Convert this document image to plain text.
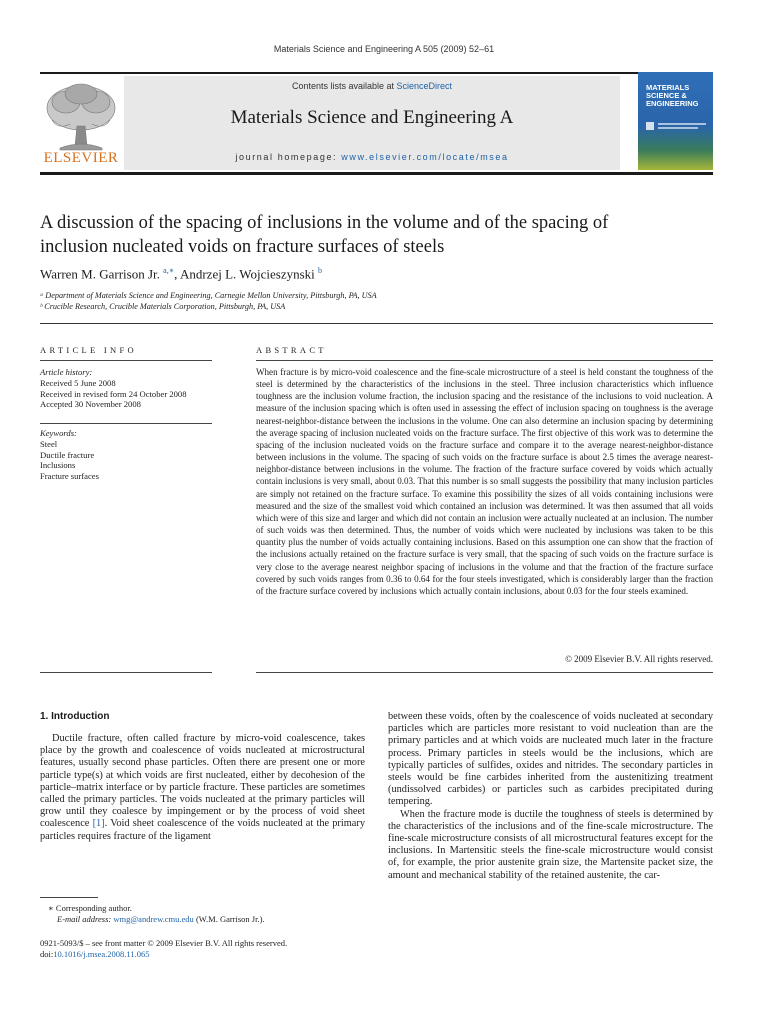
Materials Science and Engineering A 505 (2009) 52–61
ELSEVIER
Contents lists available at ScienceDirect
Materials Science and Engineering A
journal homepage: www.elsevier.com/locate/msea
MATERIALS SCIENCE & ENGINEERING
A discussion of the spacing of inclusions in the volume and of the spacing of
inclusion nucleated voids on fracture surfaces of steels
Warren M. Garrison Jr. $^{a,∗}$, Andrzej L. Wojcieszynski $^b$
ᵃ Department of Materials Science and Engineering, Carnegie Mellon University, Pittsburgh, PA, USA
ᵇ Crucible Research, Crucible Materials Corporation, Pittsburgh, PA, USA
ARTICLE INFO
Article history:
Received 5 June 2008
Received in revised form 24 October 2008
Accepted 30 November 2008
Keywords:
Steel
Ductile fracture
Inclusions
Fracture surfaces
ABSTRACT
When fracture is by micro-void coalescence and the fine-scale microstructure of a steel is held constant the toughness of the steel is determined by the characteristics of the inclusions in the steel. Three inclusion characteristics which influence toughness are the inclusion volume fraction, the inclusion spacing and the resistance of the inclusions to void nucleation. A measure of the inclusion spacing which is often used in assessing the effect of inclusion spacing on toughness is the average nearest-neighbor-distance between the inclusions in the volume. One can also determine an inclusion spacing by determining the average spacing of inclusion nucleated voids on the fracture surface. The first objective of this work was to determine the spacing of the inclusion nucleated voids on the fracture surface and compare it to the average nearest-neighbor-distance between inclusions in the volume. The spacing of such voids on the fracture surface is about 2.5 times the average nearest-neighbor-distance between inclusions in the volume. The fraction of the fracture surface covered by voids which actually contain inclusions is very small, about 0.03. That this number is so small suggests the possibility that many inclusion particles are simply not retained on the fracture surface. To examine this possibility the sizes of all voids containing inclusions were measured and the size of the smallest void which contained an inclusion was determined. It was then assumed that all voids which were of this size and larger and which did not contain an inclusion were actually nucleated at an inclusion. The number of such voids was then determined. Thus, the number of voids which were nucleated by inclusions was taken to be this quantity plus the number of voids actually containing inclusions. Based on this assumption one can show that the fraction of the inclusions actually retained on the fracture surface is very small, that the spacing of such voids on the fracture surface is very close to the average nearest neighbor spacing of inclusions in the volume and that the fraction of the fracture surface covered by such voids ranges from 0.36 to 0.64 for the four steels investigated, which is considerably larger than the fraction of the fracture surface covered by inclusions which actually contain inclusions, about 0.03 for the four steels examined.
© 2009 Elsevier B.V. All rights reserved.
1. Introduction

Ductile fracture, often called fracture by micro-void coalescence, takes place by the growth and coalescence of voids nucleated at microstructural features, usually second phase particles. Often there are present one or more particle type(s) at which voids are first nucleated, either by decohesion of the particle–matrix interface or by particle fracture. These particles are sometimes called the primary particles. The voids nucleated at the primary particles will grow until they coalesce by impingement or by the process of void sheet coalescence [1]. Void sheet coalescence of the voids nucleated at the primary particles requires fracture of the ligament

∗ Corresponding author.
E-mail address: wmg@andrew.cmu.edu (W.M. Garrison Jr.).
0921-5093/$ – see front matter © 2009 Elsevier B.V. All rights reserved.
doi:10.1016/j.msea.2008.11.065

between these voids, often by the coalescence of voids nucleated at secondary particles which are particles more resistant to void nucleation than are the primary particles and at which voids are nucleated much later in the fracture process. Primary particles in steels would be the inclusions, which are typically particles of sulfides, oxides and nitrides. The secondary particles in steels would be fine carbides inherited from the austenitizing treatment (undissolved carbides) or particles such as carbides precipitated during tempering.

When the fracture mode is ductile the toughness of steels is determined by the characteristics of the inclusions and of the fine-scale microstructure. The fine-scale microstructure consists of all microstructural features except for the inclusions. In Martensitic steels the fine-scale microstructure would consist of, for example, the prior austenite grain size, the Martensite packet size, the amount and mechanical stability of the retained austenite, the car-
